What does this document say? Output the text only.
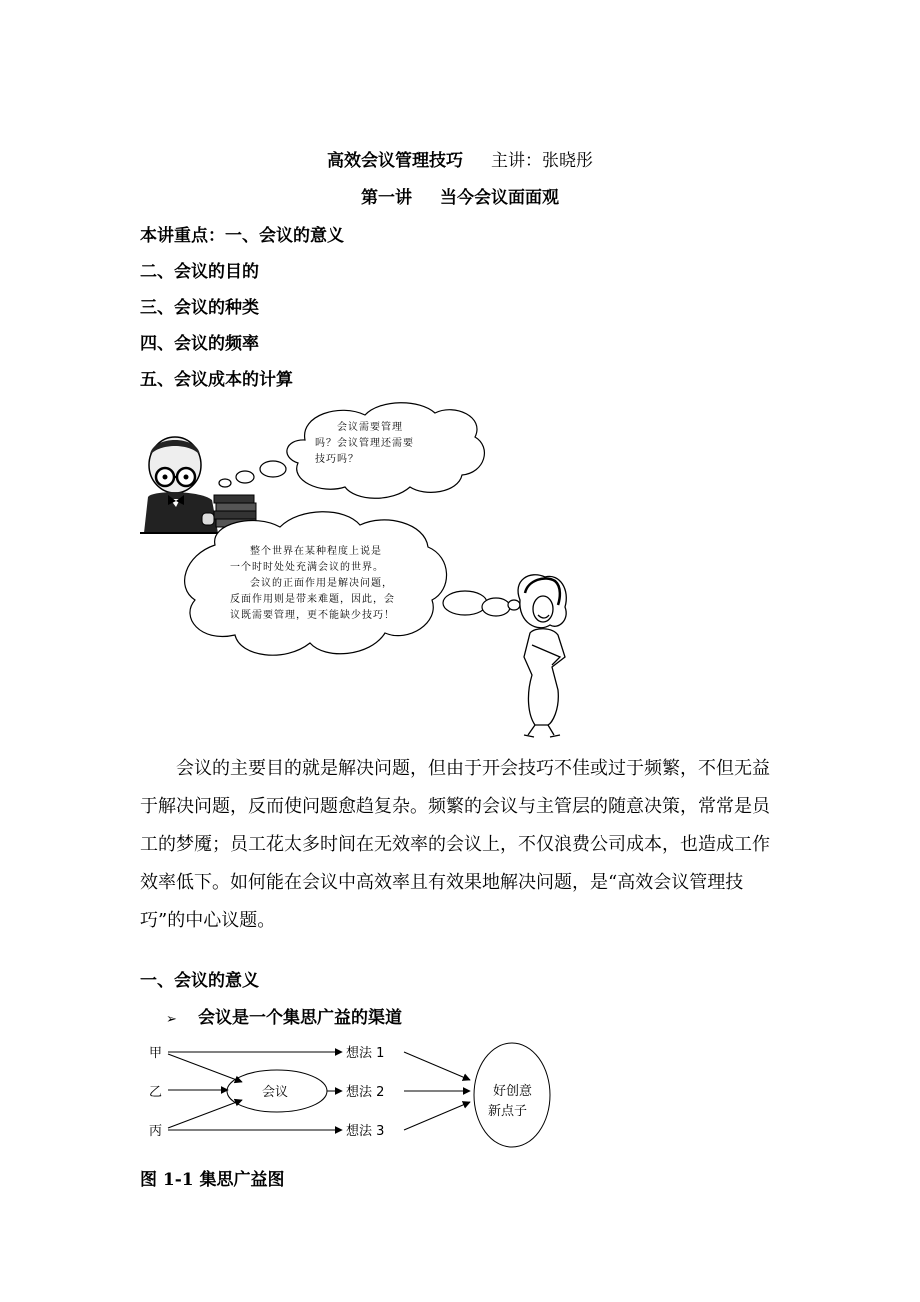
高效会议管理技巧 主讲：张晓彤
第一讲 当今会议面面观
本讲重点：一、会议的意义
二、会议的目的
三、会议的种类
四、会议的频率
五、会议成本的计算
会议需要管理
吗？会议管理还需要
技巧吗？
整个世界在某种程度上说是
一个时时处处充满会议的世界。
会议的正面作用是解决问题，
反面作用则是带来难题，因此，会
议既需要管理，更不能缺少技巧！
会议的主要目的就是解决问题，但由于开会技巧不佳或过于频繁，不但无益于解决问题，反而使问题愈趋复杂。频繁的会议与主管层的随意决策，常常是员工的梦魇；员工花太多时间在无效率的会议上，不仅浪费公司成本，也造成工作效率低下。如何能在会议中高效率且有效果地解决问题，是“高效会议管理技巧”的中心议题。
一、会议的意义
➢ 会议是一个集思广益的渠道
甲
乙
丙
会议
想法 1
想法 2
想法 3
好创意
新点子
图 1-1 集思广益图
